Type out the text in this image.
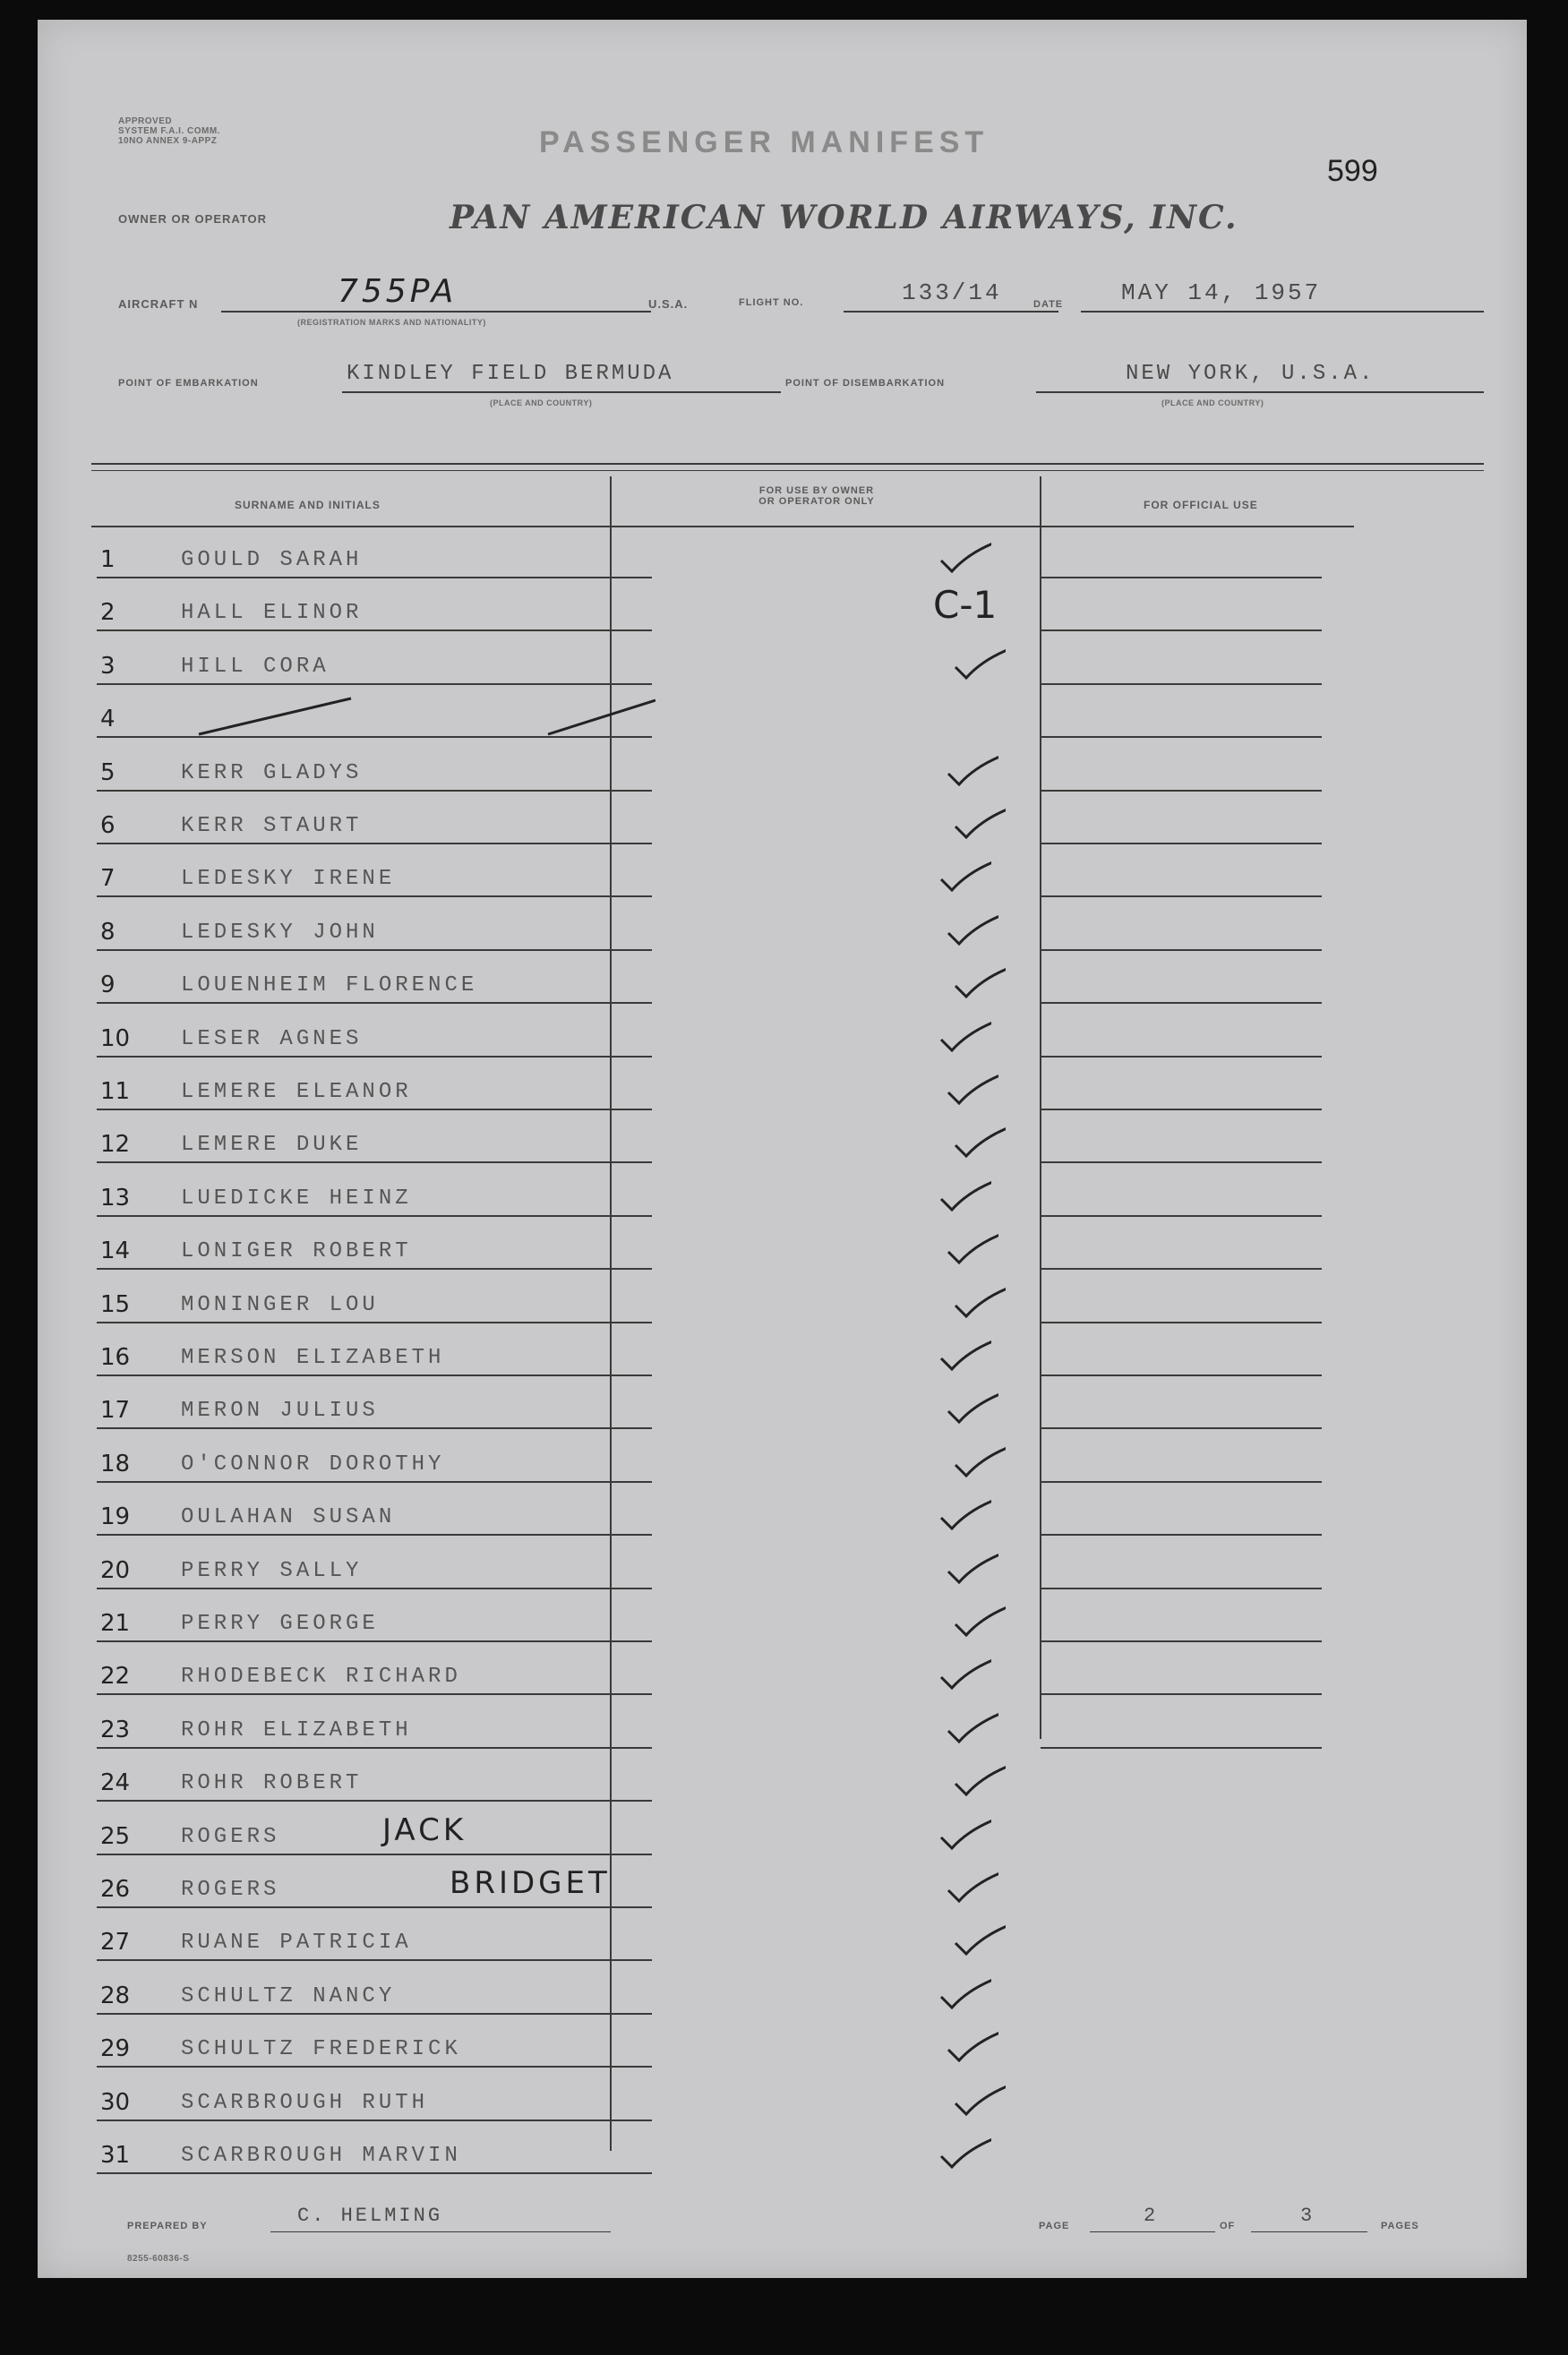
APPROVED
SYSTEM F.A.I. COMM.
10NO ANNEX 9-APPZ	PASSENGER MANIFEST
599
OWNER OR OPERATOR	PAN AMERICAN WORLD AIRWAYS, INC.
AIRCRAFT N	755PA
(REGISTRATION MARKS AND NATIONALITY)
U.S.A.	FLIGHT NO.	133/14	DATE MAY 14, 1957
POINT OF EMBARKATION	KINDLEY FIELD BERMUDA
(PLACE AND COUNTRY)
POINT OF DISEMBARKATION	NEW YORK, U.S.A.
(PLACE AND COUNTRY)
SURNAME AND INITIALS
FOR USE BY OWNER
OR OPERATOR ONLY	FOR OFFICIAL USE
1	GOULD SARAH
2	HALL ELINOR	C-1
3	HILL CORA
4
5	KERR GLADYS
6	KERR STAURT
7	LEDESKY IRENE
8	LEDESKY JOHN
9	LOUENHEIM FLORENCE
10	LESER AGNES
11	LEMERE ELEANOR
12	LEMERE DUKE
13	LUEDICKE HEINZ
14	LONIGER ROBERT
15	MONINGER LOU
16	MERSON ELIZABETH
17	MERON JULIUS
18	O'CONNOR DOROTHY
19	OULAHAN SUSAN
20	PERRY SALLY
21	PERRY GEORGE
22	RHODEBECK RICHARD
23	ROHR ELIZABETH
24	ROHR ROBERT
25	ROGERS	JACK
26	ROGERS	BRIDGET
27	RUANE PATRICIA
28	SCHULTZ NANCY
29	SCHULTZ FREDERICK
30	SCARBROUGH RUTH
31	SCARBROUGH MARVIN
PREPARED BY	C. HELMING	PAGE	2	OF	3	PAGES
8255-60836-S
